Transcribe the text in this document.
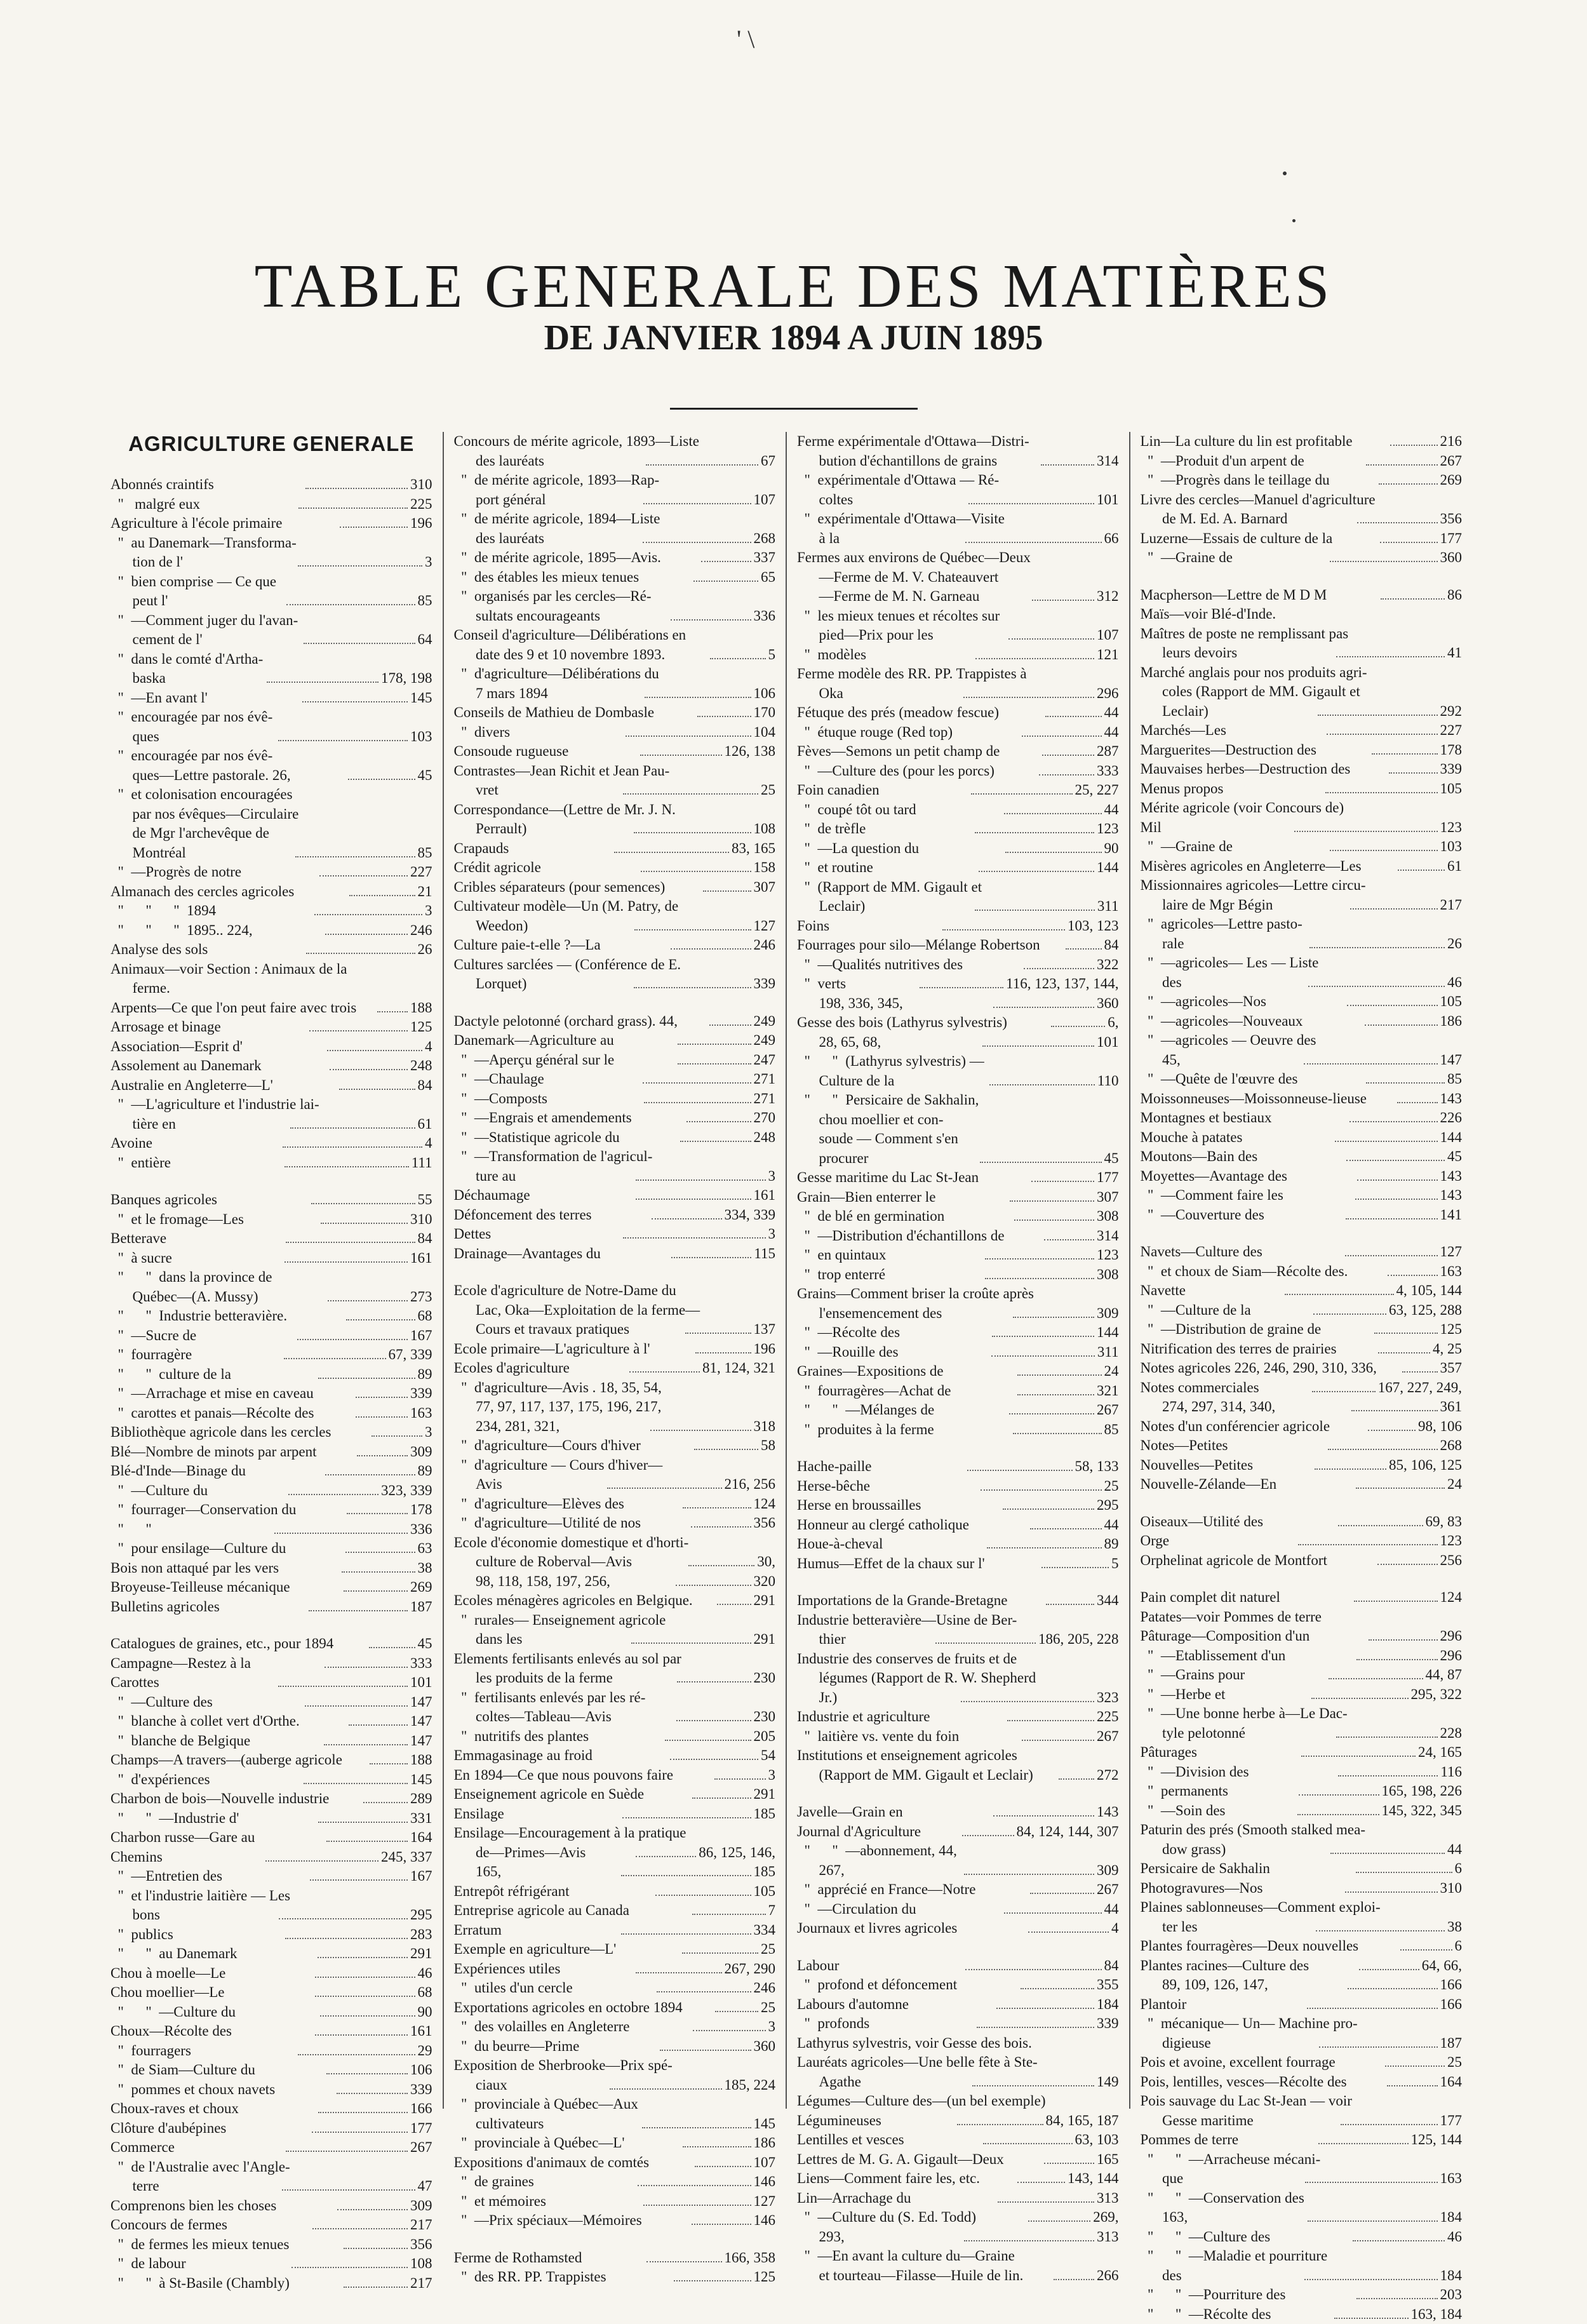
' \
TABLE GENERALE DES MATIÈRES
DE JANVIER 1894 A JUIN 1895
AGRICULTURE GENERALE
Abonnés craintifs	310
"   malgré eux	225
Agriculture à l'école primaire	196
"  au Danemark—Transforma-
tion de l'	3
"  bien comprise — Ce que
peut l'	85
"  —Comment juger du l'avan-
cement de l'	64
"  dans le comté d'Artha-
baska	178, 198
"  —En avant l'	145
"  encouragée par nos évê-
ques	103
"  encouragée par nos évê-
ques—Lettre pastorale. 26,	45
"  et colonisation encouragées
par nos évêques—Circulaire
de Mgr l'archevêque de
Montréal	85
"  —Progrès de notre	227
Almanach des cercles agricoles	21
"      "      "  1894	3
"      "      "  1895.. 224,	246
Analyse des sols	26
Animaux—voir Section : Animaux de la
ferme.
Arpents—Ce que l'on peut faire avec trois	188
Arrosage et binage	125
Association—Esprit d'	4
Assolement au Danemark	248
Australie en Angleterre—L'	84
"  —L'agriculture et l'industrie lai-
tière en	61
Avoine	4
"  entière	111
Banques agricoles	55
"  et le fromage—Les	310
Betterave	84
"  à sucre	161
"      "  dans la province de
Québec—(A. Mussy)	273
"      "  Industrie betteravière.	68
"  —Sucre de	167
"  fourragère	67, 339
"      "  culture de la	89
"  —Arrachage et mise en caveau	339
"  carottes et panais—Récolte des	163
Bibliothèque agricole dans les cercles	3
Blé—Nombre de minots par arpent	309
Blé-d'Inde—Binage du	89
"  —Culture du	323, 339
"  fourrager—Conservation du	178
"      "	336
"  pour ensilage—Culture du	63
Bois non attaqué par les vers	38
Broyeuse-Teilleuse mécanique	269
Bulletins agricoles	187
Catalogues de graines, etc., pour 1894	45
Campagne—Restez à la	333
Carottes	101
"  —Culture des	147
"  blanche à collet vert d'Orthe.	147
"  blanche de Belgique	147
Champs—A travers—(auberge agricole	188
"  d'expériences	145
Charbon de bois—Nouvelle industrie	289
"      "  —Industrie d'	331
Charbon russe—Gare au	164
Chemins	245, 337
"  —Entretien des	167
"  et l'industrie laitière — Les
bons	295
"  publics	283
"      "  au Danemark	291
Chou à moelle—Le	46
Chou moellier—Le	68
"      "  —Culture du	90
Choux—Récolte des	161
"  fourragers	29
"  de Siam—Culture du	106
"  pommes et choux navets	339
Choux-raves et choux	166
Clôture d'aubépines	177
Commerce	267
"  de l'Australie avec l'Angle-
terre	47
Comprenons bien les choses	309
Concours de fermes	217
"  de fermes les mieux tenues	356
"  de labour	108
"      "  à St-Basile (Chambly)	217
Concours de mérite agricole, 1893—Liste
des lauréats	67
"  de mérite agricole, 1893—Rap-
port général	107
"  de mérite agricole, 1894—Liste
des lauréats	268
"  de mérite agricole, 1895—Avis.	337
"  des étables les mieux tenues	65
"  organisés par les cercles—Ré-
sultats encourageants	336
Conseil d'agriculture—Délibérations en
date des 9 et 10 novembre 1893.	5
"  d'agriculture—Délibérations du
7 mars 1894	106
Conseils de Mathieu de Dombasle	170
"  divers	104
Consoude rugueuse	126, 138
Contrastes—Jean Richit et Jean Pau-
vret	25
Correspondance—(Lettre de Mr. J. N.
Perrault)	108
Crapauds	83, 165
Crédit agricole	158
Cribles séparateurs (pour semences)	307
Cultivateur modèle—Un (M. Patry, de
Weedon)	127
Culture paie-t-elle ?—La	246
Cultures sarclées — (Conférence de E.
Lorquet)	339
Dactyle pelotonné (orchard grass). 44,	249
Danemark—Agriculture au	249
"  —Aperçu général sur le	247
"  —Chaulage	271
"  —Composts	271
"  —Engrais et amendements	270
"  —Statistique agricole du	248
"  —Transformation de l'agricul-
ture au	3
Déchaumage	161
Défoncement des terres	334, 339
Dettes	3
Drainage—Avantages du	115
Ecole d'agriculture de Notre-Dame du
Lac, Oka—Exploitation de la ferme—
Cours et travaux pratiques	137
Ecole primaire—L'agriculture à l'	196
Ecoles d'agriculture	81, 124, 321
"  d'agriculture—Avis . 18, 35, 54,
77, 97, 117, 137, 175, 196, 217,
234, 281, 321,	318
"  d'agriculture—Cours d'hiver	58
"  d'agriculture — Cours d'hiver—
Avis	216, 256
"  d'agriculture—Elèves des	124
"  d'agriculture—Utilité de nos	356
Ecole d'économie domestique et d'horti-
culture de Roberval—Avis	30,
98, 118, 158, 197, 256,	320
Ecoles ménagères agricoles en Belgique.	291
"  rurales— Enseignement agricole
dans les	291
Elements fertilisants enlevés au sol par
les produits de la ferme	230
"  fertilisants enlevés par les ré-
coltes—Tableau—Avis	230
"  nutritifs des plantes	205
Emmagasinage au froid	54
En 1894—Ce que nous pouvons faire	3
Enseignement agricole en Suède	291
Ensilage	185
Ensilage—Encouragement à la pratique
de—Primes—Avis	86, 125, 146,
165,	185
Entrepôt réfrigérant	105
Entreprise agricole au Canada	7
Erratum	334
Exemple en agriculture—L'	25
Expériences utiles	267, 290
"  utiles d'un cercle	246
Exportations agricoles en octobre 1894	25
"  des volailles en Angleterre	3
"  du beurre—Prime	360
Exposition de Sherbrooke—Prix spé-
ciaux	185, 224
"  provinciale à Québec—Aux
cultivateurs	145
"  provinciale à Québec—L'	186
Expositions d'animaux de comtés	107
"  de graines	146
"  et mémoires	127
"  —Prix spéciaux—Mémoires	146
Ferme de Rothamsted	166, 358
"  des RR. PP. Trappistes	125
Ferme expérimentale d'Ottawa—Distri-
bution d'échantillons de grains	314
"  expérimentale d'Ottawa — Ré-
coltes	101
"  expérimentale d'Ottawa—Visite
à la	66
Fermes aux environs de Québec—Deux
—Ferme de M. V. Chateauvert
—Ferme de M. N. Garneau	312
"  les mieux tenues et récoltes sur
pied—Prix pour les	107
"  modèles	121
Ferme modèle des RR. PP. Trappistes à
Oka	296
Fétuque des prés (meadow fescue)	44
"  étuque rouge (Red top)	44
Fèves—Semons un petit champ de	287
"  —Culture des (pour les porcs)	333
Foin canadien	25, 227
"  coupé tôt ou tard	44
"  de trèfle	123
"  —La question du	90
"  et routine	144
"  (Rapport de MM. Gigault et
Leclair)	311
Foins	103, 123
Fourrages pour silo—Mélange Robertson	84
"  —Qualités nutritives des	322
"  verts	116, 123, 137, 144,
198, 336, 345,	360
Gesse des bois (Lathyrus sylvestris)	6,
28, 65, 68,	101
"      "  (Lathyrus sylvestris) —
Culture de la	110
"      "  Persicaire de Sakhalin,
chou moellier et con-
soude — Comment s'en
procurer	45
Gesse maritime du Lac St-Jean	177
Grain—Bien enterrer le	307
"  de blé en germination	308
"  —Distribution d'échantillons de	314
"  en quintaux	123
"  trop enterré	308
Grains—Comment briser la croûte après
l'ensemencement des	309
"  —Récolte des	144
"  —Rouille des	311
Graines—Expositions de	24
"  fourragères—Achat de	321
"      "  —Mélanges de	267
"  produites à la ferme	85
Hache-paille	58, 133
Herse-bêche	25
Herse en broussailles	295
Honneur au clergé catholique	44
Houe-à-cheval	89
Humus—Effet de la chaux sur l'	5
Importations de la Grande-Bretagne	344
Industrie betteravière—Usine de Ber-
thier	186, 205, 228
Industrie des conserves de fruits et de
légumes (Rapport de R. W. Shepherd
Jr.)	323
Industrie et agriculture	225
"  laitière vs. vente du foin	267
Institutions et enseignement agricoles
(Rapport de MM. Gigault et Leclair)	272
Javelle—Grain en	143
Journal d'Agriculture	84, 124, 144, 307
"      "  —abonnement, 44,
267,	309
"  apprécié en France—Notre	267
"  —Circulation du	44
Journaux et livres agricoles	4
Labour	84
"  profond et défoncement	355
Labours d'automne	184
"  profonds	339
Lathyrus sylvestris, voir Gesse des bois.
Lauréats agricoles—Une belle fête à Ste-
Agathe	149
Légumes—Culture des—(un bel exemple)
Légumineuses	84, 165, 187
Lentilles et vesces	63, 103
Lettres de M. G. A. Gigault—Deux	165
Liens—Comment faire les, etc.	143, 144
Lin—Arrachage du	313
"  —Culture du (S. Ed. Todd)	269,
293,	313
"  —En avant la culture du—Graine
et tourteau—Filasse—Huile de lin.	266
Lin—La culture du lin est profitable	216
"  —Produit d'un arpent de	267
"  —Progrès dans le teillage du	269
Livre des cercles—Manuel d'agriculture
de M. Ed. A. Barnard	356
Luzerne—Essais de culture de la	177
"  —Graine de	360
Macpherson—Lettre de M D M	86
Maïs—voir Blé-d'Inde.
Maîtres de poste ne remplissant pas
leurs devoirs	41
Marché anglais pour nos produits agri-
coles (Rapport de MM. Gigault et
Leclair)	292
Marchés—Les	227
Marguerites—Destruction des	178
Mauvaises herbes—Destruction des	339
Menus propos	105
Mérite agricole (voir Concours de)
Mil	123
"  —Graine de	103
Misères agricoles en Angleterre—Les	61
Missionnaires agricoles—Lettre circu-
laire de Mgr Bégin	217
"  agricoles—Lettre pasto-
rale	26
"  —agricoles— Les — Liste
des	46
"  —agricoles—Nos	105
"  —agricoles—Nouveaux	186
"  —agricoles — Oeuvre des
45,	147
"  —Quête de l'œuvre des	85
Moissonneuses—Moissonneuse-lieuse	143
Montagnes et bestiaux	226
Mouche à patates	144
Moutons—Bain des	45
Moyettes—Avantage des	143
"  —Comment faire les	143
"  —Couverture des	141
Navets—Culture des	127
"  et choux de Siam—Récolte des.	163
Navette	4, 105, 144
"  —Culture de la	63, 125, 288
"  —Distribution de graine de	125
Nitrification des terres de prairies	4, 25
Notes agricoles 226, 246, 290, 310, 336,	357
Notes commerciales	167, 227, 249,
274, 297, 314, 340,	361
Notes d'un conférencier agricole	98, 106
Notes—Petites	268
Nouvelles—Petites	85, 106, 125
Nouvelle-Zélande—En	24
Oiseaux—Utilité des	69, 83
Orge	123
Orphelinat agricole de Montfort	256
Pain complet dit naturel	124
Patates—voir Pommes de terre
Pâturage—Composition d'un	296
"  —Etablissement d'un	296
"  —Grains pour	44, 87
"  —Herbe et	295, 322
"  —Une bonne herbe à—Le Dac-
tyle pelotonné	228
Pâturages	24, 165
"  —Division des	116
"  permanents	165, 198, 226
"  —Soin des	145, 322, 345
Paturin des prés (Smooth stalked mea-
dow grass)	44
Persicaire de Sakhalin	6
Photogravures—Nos	310
Plaines sablonneuses—Comment exploi-
ter les	38
Plantes fourragères—Deux nouvelles	6
Plantes racines—Culture des	64, 66,
89, 109, 126, 147,	166
Plantoir	166
"  mécanique— Un— Machine pro-
digieuse	187
Pois et avoine, excellent fourrage	25
Pois, lentilles, vesces—Récolte des	164
Pois sauvage du Lac St-Jean — voir
Gesse maritime	177
Pommes de terre	125, 144
"      "  —Arracheuse mécani-
que	163
"      "  —Conservation des
163,	184
"      "  —Culture des	46
"      "  —Maladie et pourriture
des	184
"      "  —Pourriture des	203
"      "  —Récolte des	163, 184
